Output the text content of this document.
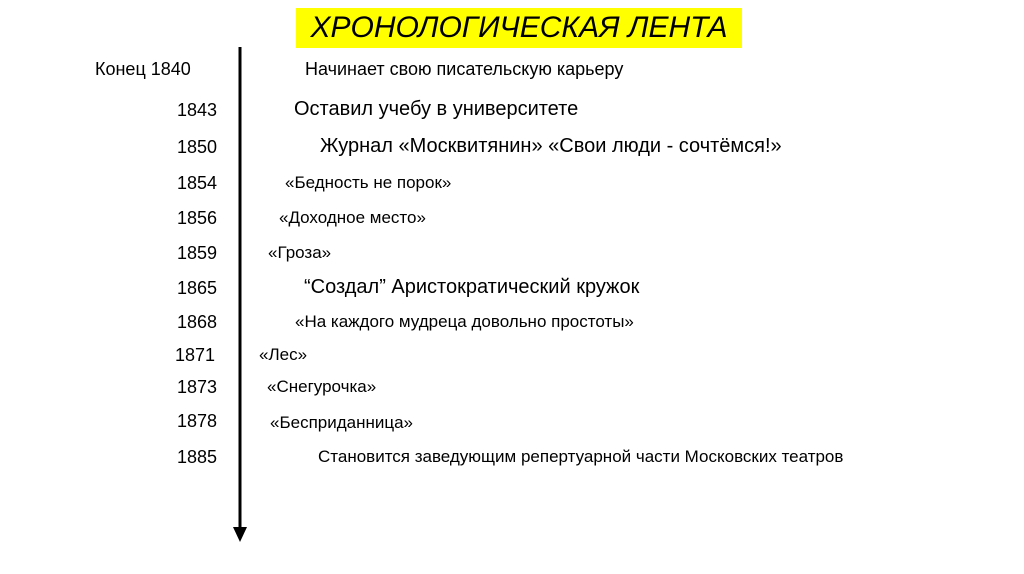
ХРОНОЛОГИЧЕСКАЯ ЛЕНТА
Конец 1840	Начинает свою писательскую карьеру
1843	Оставил учебу в университете
1850	Журнал «Москвитянин» «Свои люди - сочтёмся!»
1854	«Бедность не порок»
1856	«Доходное место»
1859	«Гроза»
1865	“Создал” Аристократический кружок
1868	«На каждого мудреца довольно простоты»
1871	«Лес»
1873	«Снегурочка»
1878	«Бесприданница»
1885	Становится заведующим репертуарной части Московских театров
